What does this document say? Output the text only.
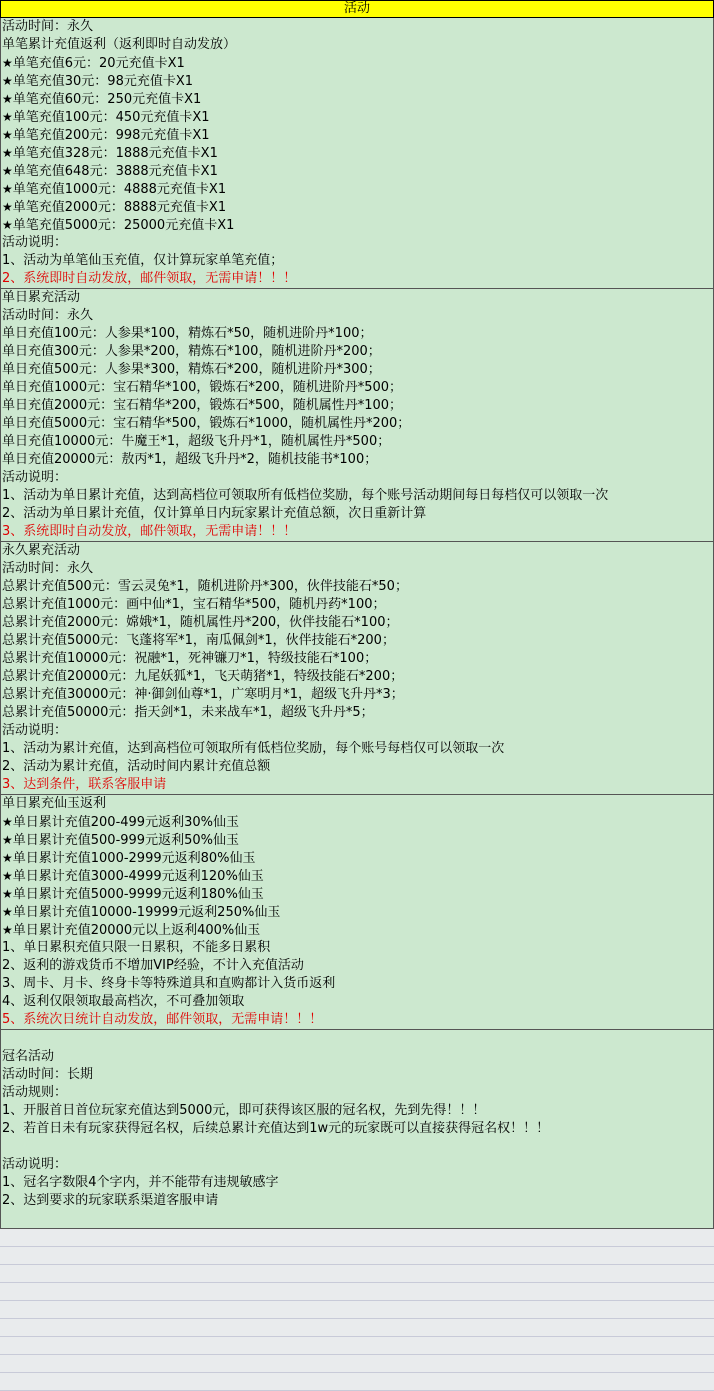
活动
活动时间：永久
单笔累计充值返利（返利即时自动发放）
★单笔充值6元：20元充值卡X1
★单笔充值30元：98元充值卡X1
★单笔充值60元：250元充值卡X1
★单笔充值100元：450元充值卡X1
★单笔充值200元：998元充值卡X1
★单笔充值328元：1888元充值卡X1
★单笔充值648元：3888元充值卡X1
★单笔充值1000元：4888元充值卡X1
★单笔充值2000元：8888元充值卡X1
★单笔充值5000元：25000元充值卡X1
活动说明：
1、活动为单笔仙玉充值，仅计算玩家单笔充值；
2、系统即时自动发放，邮件领取，无需申请！！！
单日累充活动
活动时间：永久
单日充值100元：人参果*100，精炼石*50，随机进阶丹*100；
单日充值300元：人参果*200，精炼石*100，随机进阶丹*200；
单日充值500元：人参果*300，精炼石*200，随机进阶丹*300；
单日充值1000元：宝石精华*100，锻炼石*200，随机进阶丹*500；
单日充值2000元：宝石精华*200，锻炼石*500，随机属性丹*100；
单日充值5000元：宝石精华*500，锻炼石*1000，随机属性丹*200；
单日充值10000元：牛魔王*1，超级飞升丹*1，随机属性丹*500；
单日充值20000元：敖丙*1，超级飞升丹*2，随机技能书*100；
活动说明：
1、活动为单日累计充值，达到高档位可领取所有低档位奖励，每个账号活动期间每日每档仅可以领取一次
2、活动为单日累计充值，仅计算单日内玩家累计充值总额，次日重新计算
3、系统即时自动发放，邮件领取，无需申请！！！
永久累充活动
活动时间：永久
总累计充值500元：雪云灵兔*1，随机进阶丹*300，伙伴技能石*50；
总累计充值1000元：画中仙*1，宝石精华*500，随机丹药*100；
总累计充值2000元：嫦娥*1，随机属性丹*200，伙伴技能石*100；
总累计充值5000元：飞蓬将军*1，南瓜佩剑*1，伙伴技能石*200；
总累计充值10000元：祝融*1，死神镰刀*1，特级技能石*100；
总累计充值20000元：九尾妖狐*1，飞天萌猪*1，特级技能石*200；
总累计充值30000元：神·御剑仙尊*1，广寒明月*1，超级飞升丹*3；
总累计充值50000元：指天剑*1，未来战车*1，超级飞升丹*5；
活动说明：
1、活动为累计充值，达到高档位可领取所有低档位奖励，每个账号每档仅可以领取一次
2、活动为累计充值，活动时间内累计充值总额
3、达到条件，联系客服申请
单日累充仙玉返利
★单日累计充值200-499元返利30%仙玉
★单日累计充值500-999元返利50%仙玉
★单日累计充值1000-2999元返利80%仙玉
★单日累计充值3000-4999元返利120%仙玉
★单日累计充值5000-9999元返利180%仙玉
★单日累计充值10000-19999元返利250%仙玉
★单日累计充值20000元以上返利400%仙玉
1、单日累积充值只限一日累积，不能多日累积
2、返利的游戏货币不增加VIP经验，不计入充值活动
3、周卡、月卡、终身卡等特殊道具和直购都计入货币返利
4、返利仅限领取最高档次，不可叠加领取
5、系统次日统计自动发放，邮件领取，无需申请！！！
冠名活动
活动时间：长期
活动规则：
1、开服首日首位玩家充值达到5000元，即可获得该区服的冠名权，先到先得！！！
2、若首日未有玩家获得冠名权，后续总累计充值达到1w元的玩家既可以直接获得冠名权！！！
活动说明：
1、冠名字数限4个字内，并不能带有违规敏感字
2、达到要求的玩家联系渠道客服申请
